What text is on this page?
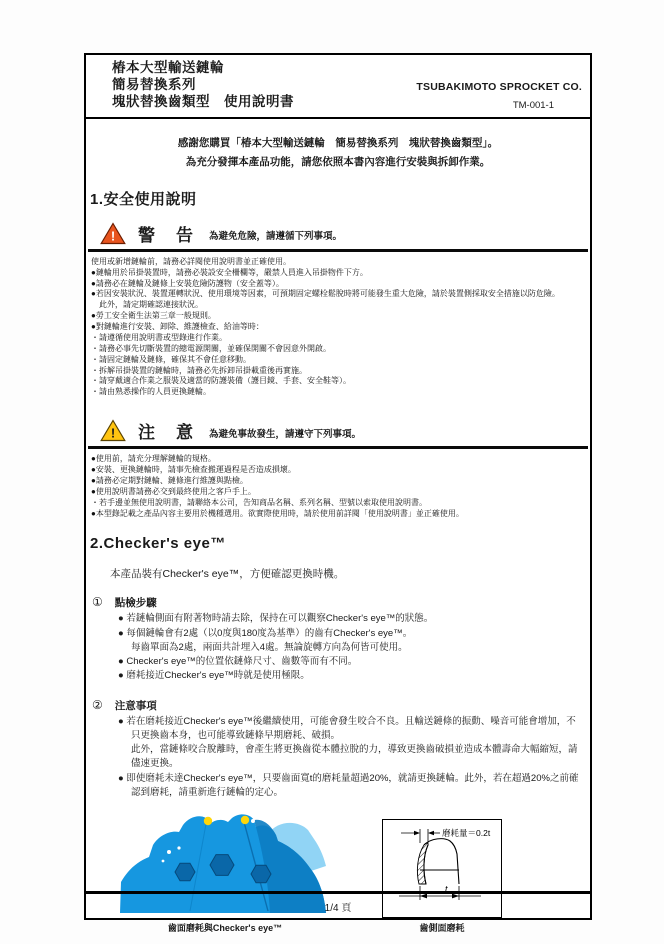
椿本大型輸送鏈輪
簡易替換系列
塊狀替換齒類型　使用說明書
TSUBAKIMOTO SPROCKET CO.
TM-001-1
感謝您購買「椿本大型輸送鏈輪　簡易替換系列　塊狀替換齒類型」。
為充分發揮本產品功能，請您依照本書內容進行安裝與拆卸作業。
1.安全使用說明
! 警　告 為避免危險，請遵循下列事項。
使用或新增鏈輪前，請務必詳閱使用說明書並正確使用。
●鏈輪用於吊掛裝置時，請務必裝設安全柵欄等，嚴禁人員進入吊掛物件下方。
●請務必在鏈輪及鏈條上安裝危險防護物（安全蓋等）。
●若因安裝狀況、裝置運轉狀況、使用環境等因素，可預期固定螺栓鬆脫時將可能發生重大危險，請於裝置側採取安全措施以防危險。
　此外，請定期確認連接狀況。
●勞工安全衛生法第三章一般規則。
●對鏈輪進行安裝、卸除、維護檢查、給油等時：
・請遵循使用說明書或型錄進行作業。
・請務必事先切斷裝置的總電源開關，並確保開關不會因意外開啟。
・請固定鏈輪及鏈條，確保其不會任意移動。
・拆解吊掛裝置的鏈輪時，請務必先拆卸吊掛載重後再實施。
・請穿戴適合作業之服裝及適當的防護裝備（護目鏡、手套、安全鞋等）。
・請由熟悉操作的人員更換鏈輪。
! 注　意 為避免事故發生，請遵守下列事項。
●使用前，請充分理解鏈輪的規格。
●安裝、更換鏈輪時，請事先檢查搬運過程是否造成損壞。
●請務必定期對鏈輪、鏈條進行維護與點檢。
●使用說明書請務必交到最終使用之客戶手上。
・若手邊並無使用說明書，請聯絡本公司，告知商品名稱、系列名稱、型號以索取使用說明書。
●本型錄記載之產品內容主要用於機種選用。欲實際使用時，請於使用前詳閱「使用說明書」並正確使用。
2.Checker's eye™
本產品裝有Checker's eye™，方便確認更換時機。
① 點檢步驟
● 若鏈輪側面有附著物時請去除，保持在可以觀察Checker's eye™的狀態。
● 每個鏈輪會有2處（以0度與180度為基準）的齒有Checker's eye™。
每齒單面為2處，兩面共計埋入4處。無論旋轉方向為何皆可使用。
● Checker's eye™的位置依鏈條尺寸、齒數等而有不同。
● 磨耗接近Checker's eye™時就是使用極限。
② 注意事項
● 若在磨耗接近Checker's eye™後繼續使用，可能會發生咬合不良。且輸送鏈條的振動、噪音可能會增加，不只更換齒本身，也可能導致鏈條早期磨耗、破損。
此外，當鏈條咬合脫離時，會產生將更換齒從本體拉脫的力，導致更換齒破損並造成本體壽命大幅縮短，請儘速更換。
● 即使磨耗未達Checker's eye™，只要齒面寬t的磨耗量超過20%，就請更換鏈輪。此外，若在超過20%之前確認到磨耗，請重新進行鏈輪的定心。
齒面磨耗與Checker's eye™
磨耗量＝0.2t
t
齒側面磨耗
1/4 頁
